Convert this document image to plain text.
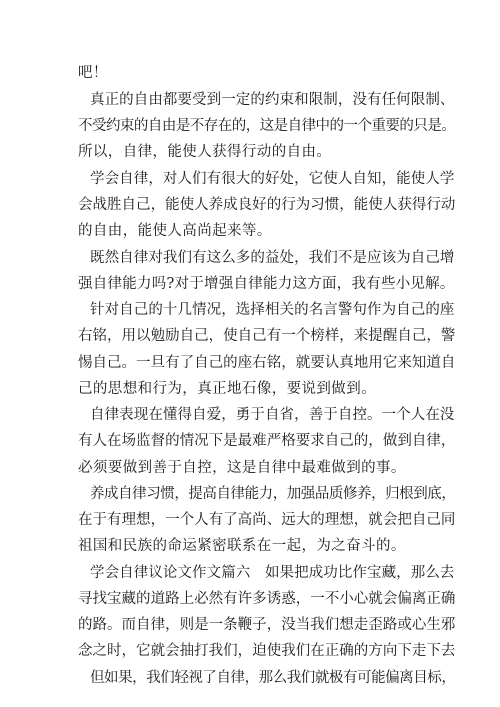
吧！
真正的自由都要受到一定的约束和限制，没有任何限制、
不受约束的自由是不存在的，这是自律中的一个重要的只是。
所以，自律，能使人获得行动的自由。
学会自律，对人们有很大的好处，它使人自知，能使人学
会战胜自己，能使人养成良好的行为习惯，能使人获得行动
的自由，能使人高尚起来等。
既然自律对我们有这么多的益处，我们不是应该为自己增
强自律能力吗?对于增强自律能力这方面，我有些小见解。
针对自己的十几情况，选择相关的名言警句作为自己的座
右铭，用以勉励自己，使自己有一个榜样，来提醒自己，警
惕自己。一旦有了自己的座右铭，就要认真地用它来知道自
己的思想和行为，真正地石像，要说到做到。
自律表现在懂得自爱，勇于自省，善于自控。一个人在没
有人在场监督的情况下是最难严格要求自己的，做到自律，
必须要做到善于自控，这是自律中最难做到的事。
养成自律习惯，提高自律能力，加强品质修养，归根到底，
在于有理想，一个人有了高尚、远大的理想，就会把自己同
祖国和民族的命运紧密联系在一起，为之奋斗的。
学会自律议论文作文篇六　如果把成功比作宝藏，那么去
寻找宝藏的道路上必然有许多诱惑，一不小心就会偏离正确
的路。而自律，则是一条鞭子，没当我们想走歪路或心生邪
念之时，它就会抽打我们，迫使我们在正确的方向下走下去
但如果，我们轻视了自律，那么我们就极有可能偏离目标，
